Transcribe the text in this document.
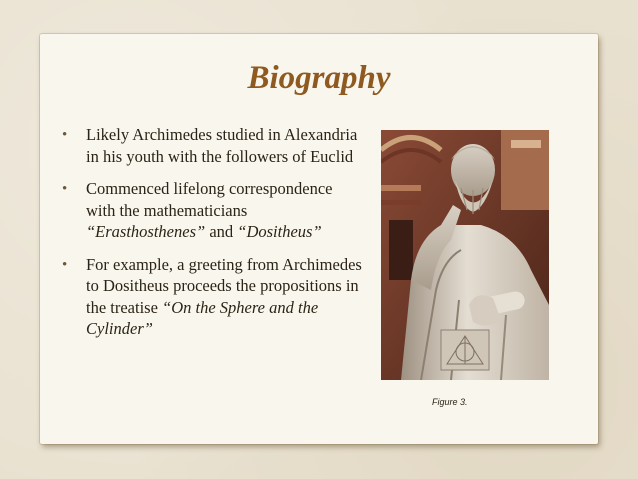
Biography
• Likely Archimedes studied in Alexandria in his youth with the followers of Euclid
• Commenced lifelong correspondence with the mathematicians “Erasthosthenes” and “Dositheus”
• For example, a greeting from Archimedes to Dositheus proceeds the propositions in the treatise “On the Sphere and the Cylinder”
Figure 3.
